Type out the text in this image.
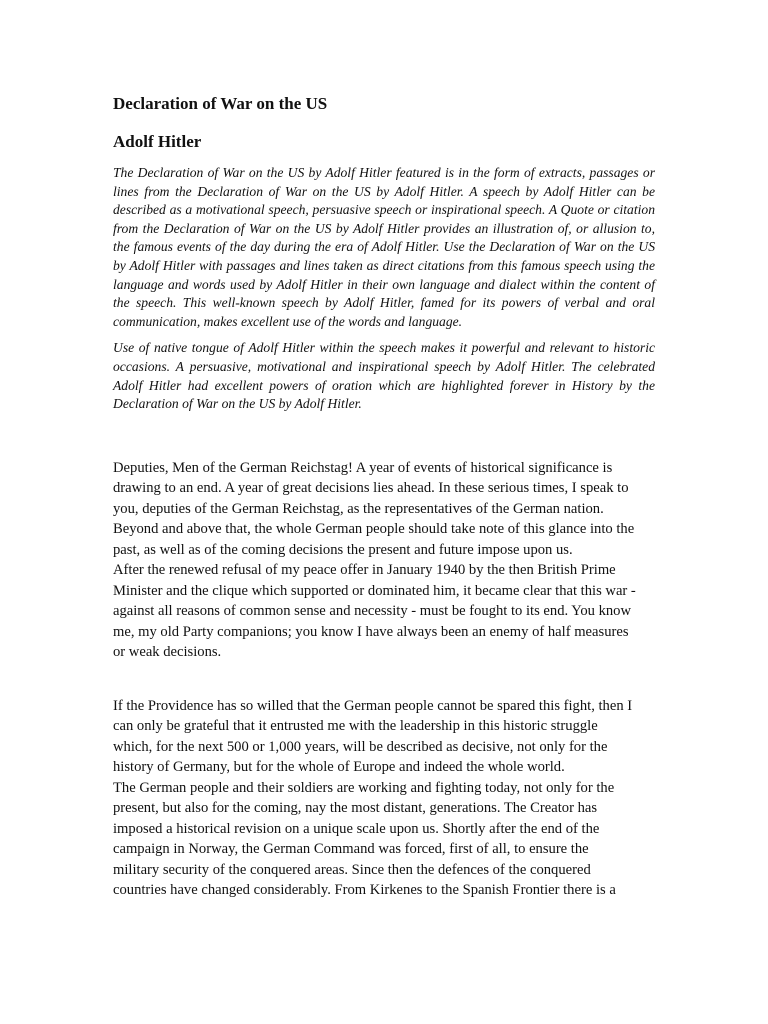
Declaration of War on the US
Adolf Hitler

The Declaration of War on the US by Adolf Hitler featured is in the form of extracts, passages or lines from the Declaration of War on the US by Adolf Hitler. A speech by Adolf Hitler can be described as a motivational speech, persuasive speech or inspirational speech. A Quote or citation from the Declaration of War on the US by Adolf Hitler provides an illustration of, or allusion to, the famous events of the day during the era of Adolf Hitler. Use the Declaration of War on the US by Adolf Hitler with passages and lines taken as direct citations from this famous speech using the language and words used by Adolf Hitler in their own language and dialect within the content of the speech. This well-known speech by Adolf Hitler, famed for its powers of verbal and oral communication, makes excellent use of the words and language.

Use of native tongue of Adolf Hitler within the speech makes it powerful and relevant to historic occasions. A persuasive, motivational and inspirational speech by Adolf Hitler. The celebrated Adolf Hitler had excellent powers of oration which are highlighted forever in History by the Declaration of War on the US by Adolf Hitler.

Deputies, Men of the German Reichstag! A year of events of historical significance is
drawing to an end. A year of great decisions lies ahead. In these serious times, I speak to
you, deputies of the German Reichstag, as the representatives of the German nation.
Beyond and above that, the whole German people should take note of this glance into the
past, as well as of the coming decisions the present and future impose upon us.
After the renewed refusal of my peace offer in January 1940 by the then British Prime
Minister and the clique which supported or dominated him, it became clear that this war -
against all reasons of common sense and necessity - must be fought to its end. You know
me, my old Party companions; you know I have always been an enemy of half measures
or weak decisions.

If the Providence has so willed that the German people cannot be spared this fight, then I
can only be grateful that it entrusted me with the leadership in this historic struggle
which, for the next 500 or 1,000 years, will be described as decisive, not only for the
history of Germany, but for the whole of Europe and indeed the whole world.
The German people and their soldiers are working and fighting today, not only for the
present, but also for the coming, nay the most distant, generations. The Creator has
imposed a historical revision on a unique scale upon us. Shortly after the end of the
campaign in Norway, the German Command was forced, first of all, to ensure the
military security of the conquered areas. Since then the defences of the conquered
countries have changed considerably. From Kirkenes to the Spanish Frontier there is a
